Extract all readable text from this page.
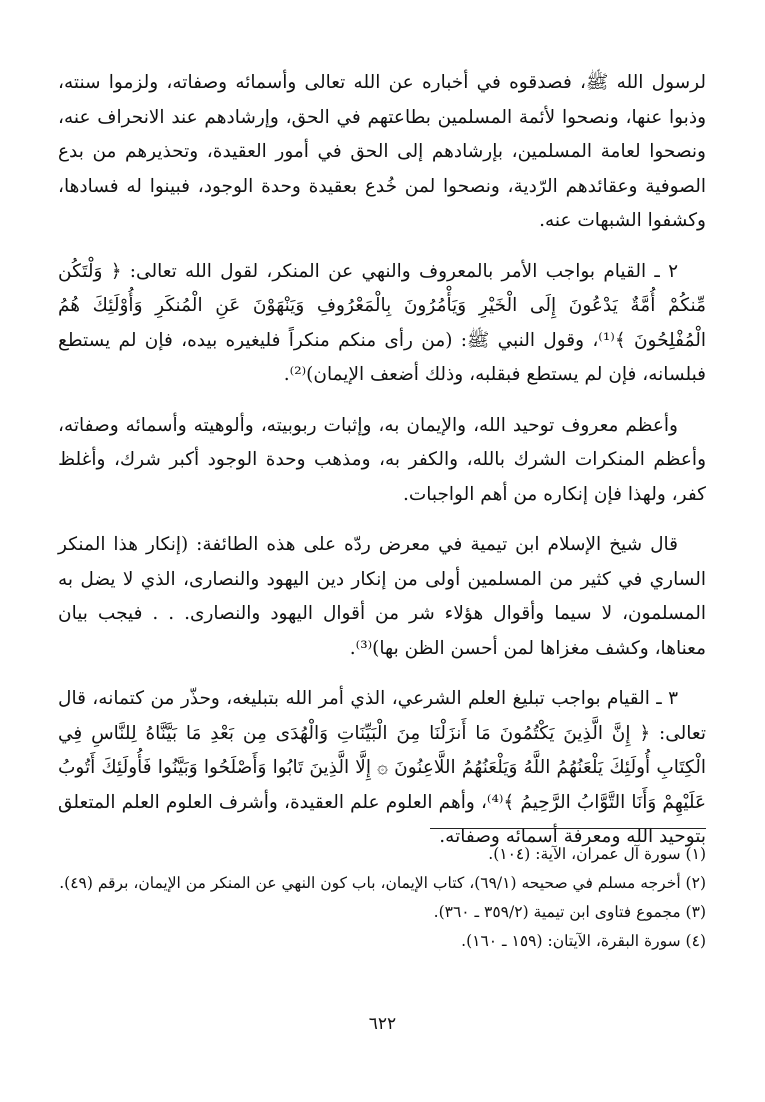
لرسول الله ﷺ، فصدقوه في أخباره عن الله تعالى وأسمائه وصفاته، ولزموا سنته، وذبوا عنها، ونصحوا لأئمة المسلمين بطاعتهم في الحق، وإرشادهم عند الانحراف عنه، ونصحوا لعامة المسلمين، بإرشادهم إلى الحق في أمور العقيدة، وتحذيرهم من بدع الصوفية وعقائدهم الرّدية، ونصحوا لمن خُدع بعقيدة وحدة الوجود، فبينوا له فسادها، وكشفوا الشبهات عنه.

٢ ـ القيام بواجب الأمر بالمعروف والنهي عن المنكر، لقول الله تعالى: ﴿ وَلْتَكُن مِّنكُمْ أُمَّةٌ يَدْعُونَ إِلَى الْخَيْرِ وَيَأْمُرُونَ بِالْمَعْرُوفِ وَيَنْهَوْنَ عَنِ الْمُنكَرِ وَأُوْلَئِكَ هُمُ الْمُفْلِحُونَ ﴾⁽¹⁾، وقول النبي ﷺ: (من رأى منكم منكراً فليغيره بيده، فإن لم يستطع فبلسانه، فإن لم يستطع فبقلبه، وذلك أضعف الإيمان)⁽²⁾.

وأعظم معروف توحيد الله، والإيمان به، وإثبات ربوبيته، وألوهيته وأسمائه وصفاته، وأعظم المنكرات الشرك بالله، والكفر به، ومذهب وحدة الوجود أكبر شرك، وأغلظ كفر، ولهذا فإن إنكاره من أهم الواجبات.

قال شيخ الإسلام ابن تيمية في معرض ردّه على هذه الطائفة: (إنكار هذا المنكر الساري في كثير من المسلمين أولى من إنكار دين اليهود والنصارى، الذي لا يضل به المسلمون، لا سيما وأقوال هؤلاء شر من أقوال اليهود والنصارى. . . فيجب بيان معناها، وكشف مغزاها لمن أحسن الظن بها)⁽³⁾.

٣ ـ القيام بواجب تبليغ العلم الشرعي، الذي أمر الله بتبليغه، وحذّر من كتمانه، قال تعالى: ﴿ إِنَّ الَّذِينَ يَكْتُمُونَ مَا أَنزَلْنَا مِنَ الْبَيِّنَاتِ وَالْهُدَى مِن بَعْدِ مَا بَيَّنَّاهُ لِلنَّاسِ فِي الْكِتَابِ أُولَئِكَ يَلْعَنُهُمُ اللَّهُ وَيَلْعَنُهُمُ اللَّاعِنُونَ ۞ إِلَّا الَّذِينَ تَابُوا وَأَصْلَحُوا وَبَيَّنُوا فَأُولَئِكَ أَتُوبُ عَلَيْهِمْ وَأَنَا التَّوَّابُ الرَّحِيمُ ﴾⁽⁴⁾، وأهم العلوم علم العقيدة، وأشرف العلوم العلم المتعلق بتوحيد الله ومعرفة أسمائه وصفاته.

(١) سورة آل عمران، الآية: (١٠٤).

(٢) أخرجه مسلم في صحيحه (٦٩/١)، كتاب الإيمان، باب كون النهي عن المنكر من الإيمان، برقم (٤٩).

(٣) مجموع فتاوى ابن تيمية (٣٥٩/٢ ـ ٣٦٠).

(٤) سورة البقرة، الآيتان: (١٥٩ ـ ١٦٠).

٦٢٢
